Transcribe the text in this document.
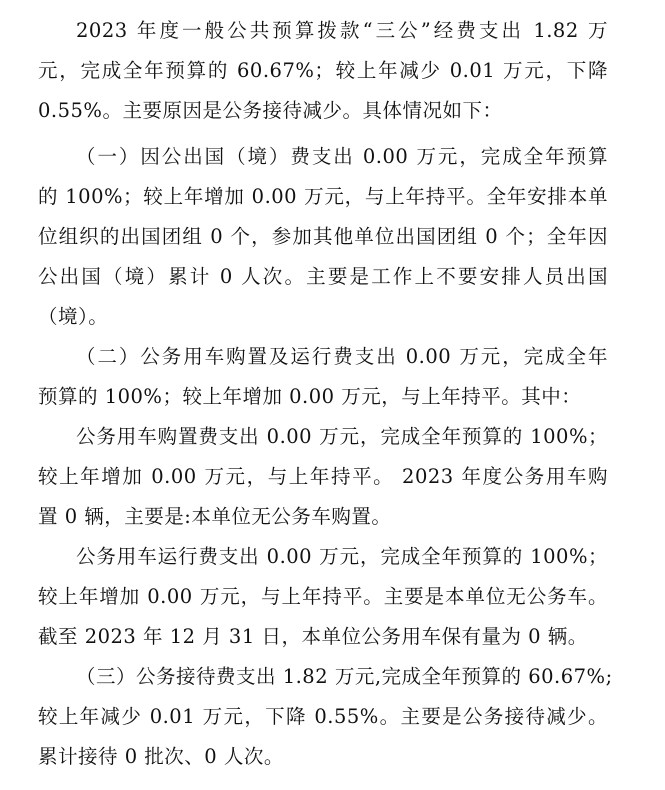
2023 年度一般公共预算拨款“三公”经费支出 1.82 万
元，完成全年预算的 60.67%；较上年减少 0.01 万元，下降
0.55%。主要原因是公务接待减少。具体情况如下：
（一）因公出国（境）费支出 0.00 万元，完成全年预算
的 100%；较上年增加 0.00 万元，与上年持平。全年安排本单
位组织的出国团组 0 个，参加其他单位出国团组 0 个；全年因
公出国（境）累计 0 人次。主要是工作上不要安排人员出国
（境）。
（二）公务用车购置及运行费支出 0.00 万元，完成全年
预算的 100%；较上年增加 0.00 万元，与上年持平。其中：
公务用车购置费支出 0.00 万元，完成全年预算的 100%；
较上年增加 0.00 万元，与上年持平。 2023 年度公务用车购
置 0 辆，主要是:本单位无公务车购置。
公务用车运行费支出 0.00 万元，完成全年预算的 100%；
较上年增加 0.00 万元，与上年持平。主要是本单位无公务车。
截至 2023 年 12 月 31 日，本单位公务用车保有量为 0 辆。
（三）公务接待费支出 1.82 万元,完成全年预算的 60.67%;
较上年减少 0.01 万元，下降 0.55%。主要是公务接待减少。
累计接待 0 批次、0 人次。
